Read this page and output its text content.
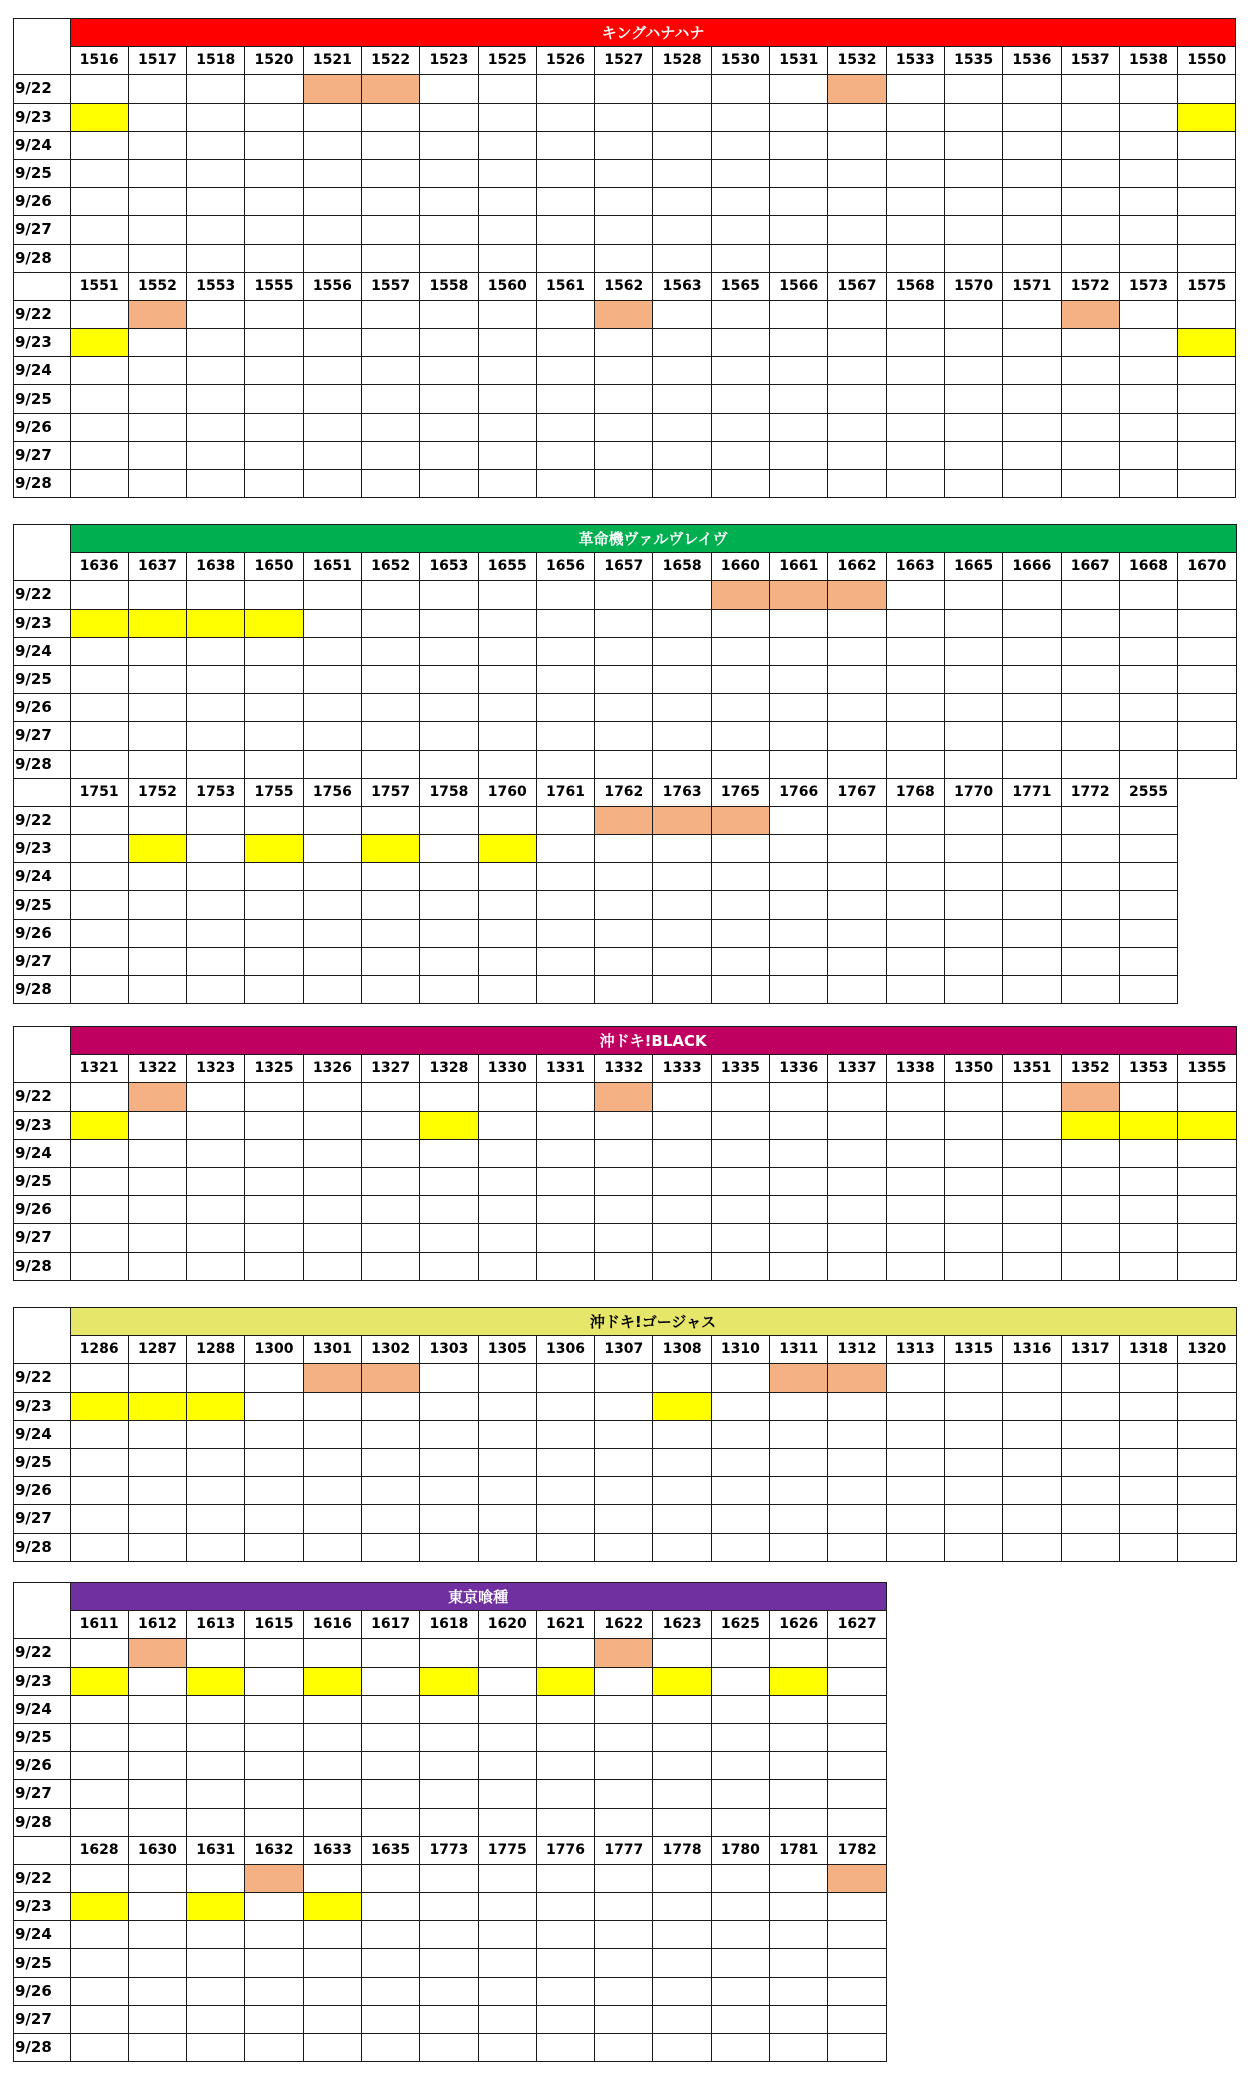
	キングハナハナ																			
	1516	1517	1518	1520	1521	1522	1523	1525	1526	1527	1528	1530	1531	1532	1533	1535	1536	1537	1538	1550
9/22																				
9/23																				
9/24																				
9/25																				
9/26																				
9/27																				
9/28																				
	1551	1552	1553	1555	1556	1557	1558	1560	1561	1562	1563	1565	1566	1567	1568	1570	1571	1572	1573	1575
9/22																				
9/23																				
9/24																				
9/25																				
9/26																				
9/27																				
9/28																				
	革命機ヴァルヴレイヴ																			
	1636	1637	1638	1650	1651	1652	1653	1655	1656	1657	1658	1660	1661	1662	1663	1665	1666	1667	1668	1670
9/22																				
9/23																				
9/24																				
9/25																				
9/26																				
9/27																				
9/28																				
	1751	1752	1753	1755	1756	1757	1758	1760	1761	1762	1763	1765	1766	1767	1768	1770	1771	1772	2555	
9/22																				
9/23																				
9/24																				
9/25																				
9/26																				
9/27																				
9/28																				
	沖ドキ!BLACK																			
	1321	1322	1323	1325	1326	1327	1328	1330	1331	1332	1333	1335	1336	1337	1338	1350	1351	1352	1353	1355
9/22																				
9/23																				
9/24																				
9/25																				
9/26																				
9/27																				
9/28																				
	沖ドキ!ゴージャス																			
	1286	1287	1288	1300	1301	1302	1303	1305	1306	1307	1308	1310	1311	1312	1313	1315	1316	1317	1318	1320
9/22																				
9/23																				
9/24																				
9/25																				
9/26																				
9/27																				
9/28																				
	東京喰種													
	1611	1612	1613	1615	1616	1617	1618	1620	1621	1622	1623	1625	1626	1627
9/22														
9/23														
9/24														
9/25														
9/26														
9/27														
9/28														
	1628	1630	1631	1632	1633	1635	1773	1775	1776	1777	1778	1780	1781	1782
9/22														
9/23														
9/24														
9/25														
9/26														
9/27														
9/28														
